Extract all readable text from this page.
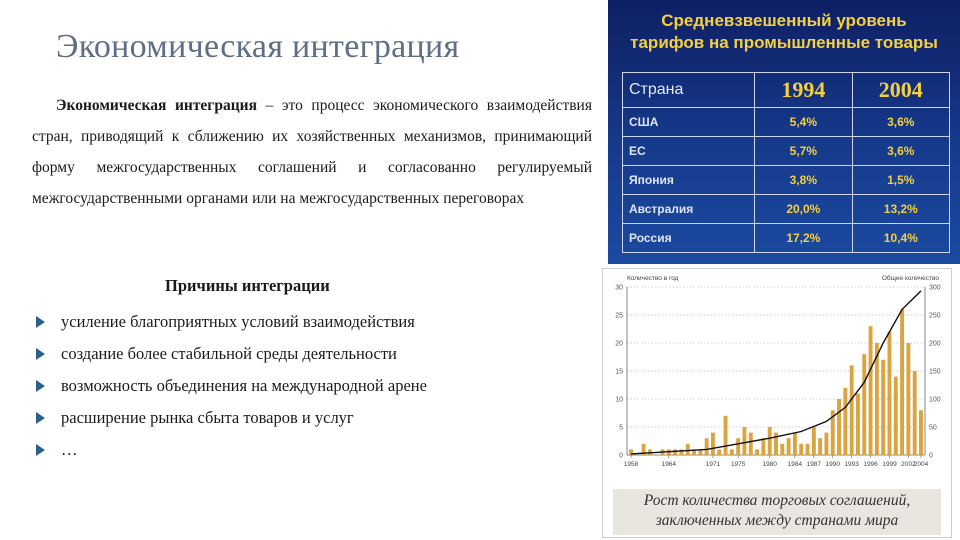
Экономическая интеграция
Экономическая интеграция – это процесс экономического взаимодействия стран, приводящий к сближению их хозяйственных механизмов, принимающий форму межгосударственных соглашений и согласованно регулируемый межгосударственными органами или на межгосударственных переговорах
Причины интеграции
усиление благоприятных условий взаимодействия
создание более стабильной среды деятельности
возможность объединения на международной арене
расширение рынка сбыта товаров и услуг
…
Средневзвешенный уровень
тарифов на промышленные товары
Страна	1994	2004
США	5,4%	3,6%
ЕС	5,7%	3,6%
Япония	3,8%	1,5%
Австралия	20,0%	13,2%
Россия	17,2%	10,4%
Количество в год	Общее количество
0	0
5	50
10	100
15	150
20	200
25	250
30	300
1958	1964	1971 1975	1980 1984 1987 1990 1993 1996 1999 2002
2004
Рост количества торговых соглашений,
заключенных между странами мира
